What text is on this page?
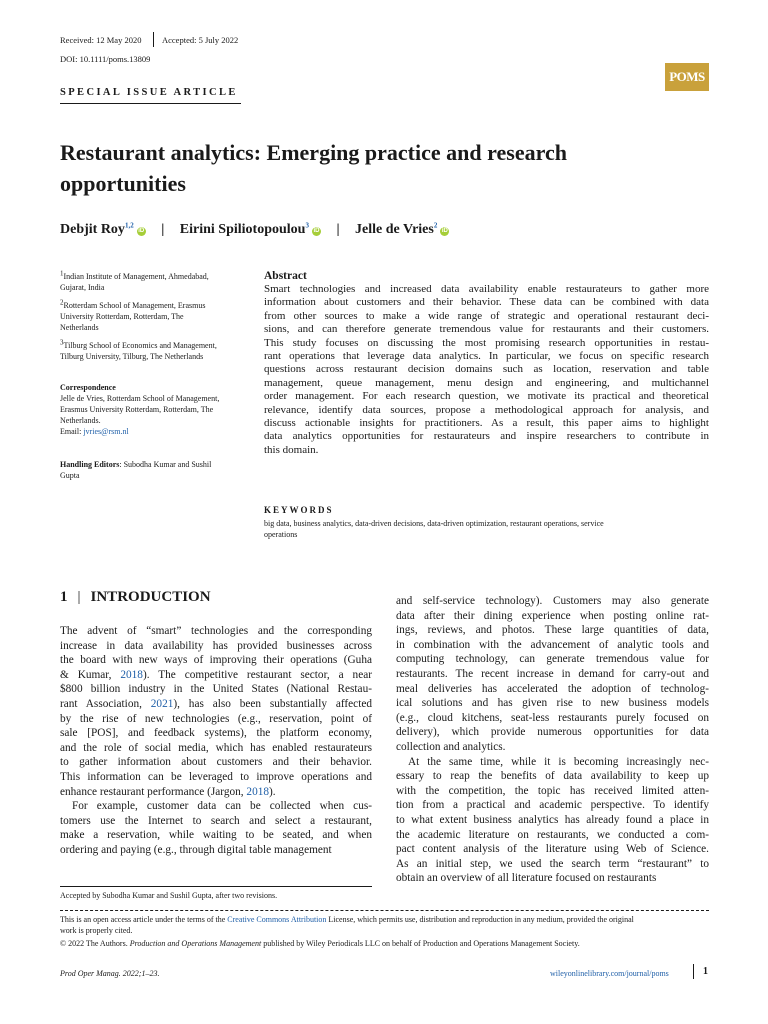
Received: 12 May 2020 Accepted: 5 July 2022
DOI: 10.1111/poms.13809
POMS
SPECIAL ISSUE ARTICLE
Restaurant analytics: Emerging practice and research
opportunities
Debjit Roy$^{1,2}$iD | Eirini Spiliotopoulou$^3$iD | Jelle de Vries$^2$iD
$^1$Indian Institute of Management, Ahmedabad,
Gujarat, India
$^2$Rotterdam School of Management, Erasmus
University Rotterdam, Rotterdam, The
Netherlands
$^3$Tilburg School of Economics and Management,
Tilburg University, Tilburg, The Netherlands
Correspondence
Jelle de Vries, Rotterdam School of Management,
Erasmus University Rotterdam, Rotterdam, The
Netherlands.
Email: jvries@rsm.nl
Handling Editors: Subodha Kumar and Sushil
Gupta
Abstract
Smart technologies and increased data availability enable restaurateurs to gather more
information about customers and their behavior. These data can be combined with data
from other sources to make a wide range of strategic and operational restaurant deci-
sions, and can therefore generate tremendous value for restaurants and their customers.
This study focuses on discussing the most promising research opportunities in restau-
rant operations that leverage data analytics. In particular, we focus on specific research
questions across restaurant decision domains such as location, reservation and table
management, queue management, menu design and engineering, and multichannel
order management. For each research question, we motivate its practical and theoretical
relevance, identify data sources, propose a methodological approach for analysis, and
discuss actionable insights for practitioners. As a result, this paper aims to highlight
data analytics opportunities for restaurateurs and inspire researchers to contribute in
this domain.
KEYWORDS
big data, business analytics, data-driven decisions, data-driven optimization, restaurant operations, service
operations
1 | INTRODUCTION
The advent of “smart” technologies and the corresponding
increase in data availability has provided businesses across
the board with new ways of improving their operations (Guha
& Kumar, 2018). The competitive restaurant sector, a near
$800 billion industry in the United States (National Restau-
rant Association, 2021), has also been substantially affected
by the rise of new technologies (e.g., reservation, point of
sale [POS], and feedback systems), the platform economy,
and the role of social media, which has enabled restaurateurs
to gather information about customers and their behavior.
This information can be leveraged to improve operations and
enhance restaurant performance (Jargon, 2018).
For example, customer data can be collected when cus-
tomers use the Internet to search and select a restaurant,
make a reservation, while waiting to be seated, and when
ordering and paying (e.g., through digital table management
and self-service technology). Customers may also generate
data after their dining experience when posting online rat-
ings, reviews, and photos. These large quantities of data,
in combination with the advancement of analytic tools and
computing technology, can generate tremendous value for
restaurants. The recent increase in demand for carry-out and
meal deliveries has accelerated the adoption of technolog-
ical solutions and has given rise to new business models
(e.g., cloud kitchens, seat-less restaurants purely focused on
delivery), which provide numerous opportunities for data
collection and analytics.
At the same time, while it is becoming increasingly nec-
essary to reap the benefits of data availability to keep up
with the competition, the topic has received limited atten-
tion from a practical and academic perspective. To identify
to what extent business analytics has already found a place in
the academic literature on restaurants, we conducted a com-
pact content analysis of the literature using Web of Science.
As an initial step, we used the search term “restaurant” to
obtain an overview of all literature focused on restaurants
Accepted by Subodha Kumar and Sushil Gupta, after two revisions.
This is an open access article under the terms of the Creative Commons Attribution License, which permits use, distribution and reproduction in any medium, provided the original
work is properly cited.
© 2022 The Authors. Production and Operations Management published by Wiley Periodicals LLC on behalf of Production and Operations Management Society.
Prod Oper Manag. 2022;1–23.	wileyonlinelibrary.com/journal/poms	1
